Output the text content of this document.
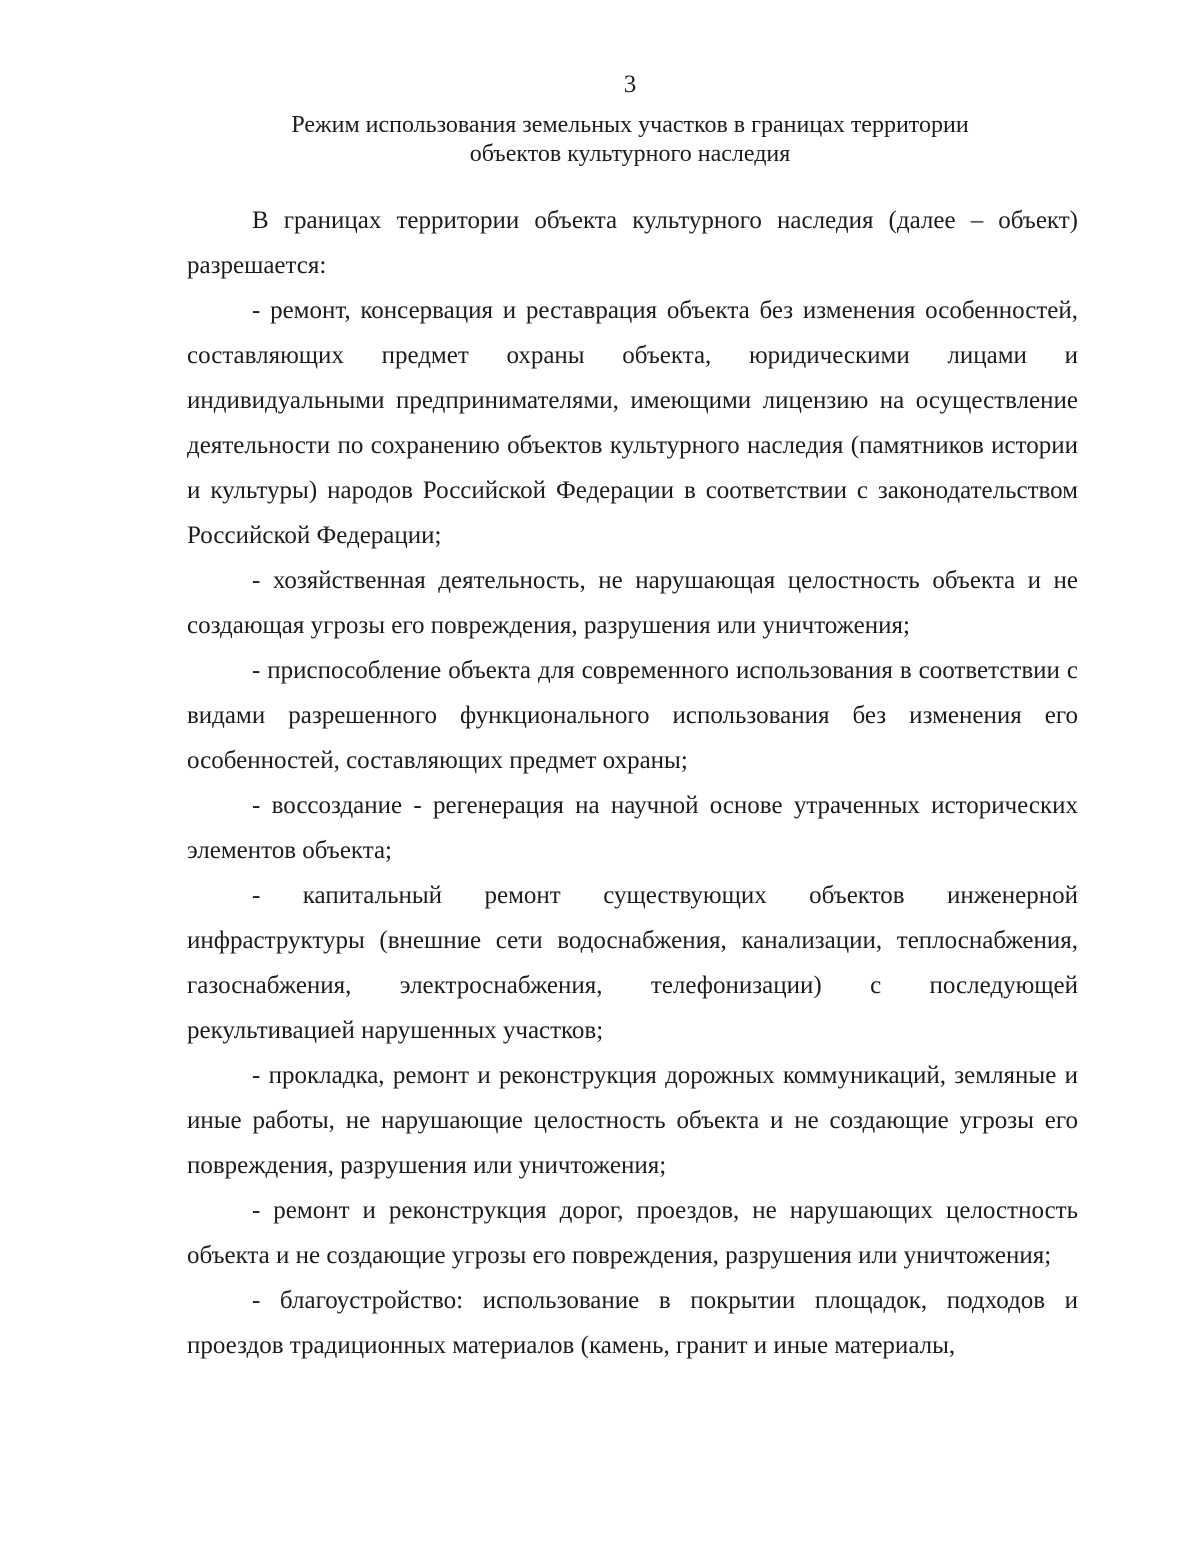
3
Режим использования земельных участков в границах территории
объектов культурного наследия

В границах территории объекта культурного наследия (далее – объект) разрешается:

- ремонт, консервация и реставрация объекта без изменения особенностей, составляющих предмет охраны объекта, юридическими лицами и индивидуальными предпринимателями, имеющими лицензию на осуществление деятельности по сохранению объектов культурного наследия (памятников истории и культуры) народов Российской Федерации в соответствии с законодательством Российской Федерации;

- хозяйственная деятельность, не нарушающая целостность объекта и не создающая угрозы его повреждения, разрушения или уничтожения;

- приспособление объекта для современного использования в соответствии с видами разрешенного функционального использования без изменения его особенностей, составляющих предмет охраны;

- воссоздание - регенерация на научной основе утраченных исторических элементов объекта;

- капитальный ремонт существующих объектов инженерной инфраструктуры (внешние сети водоснабжения, канализации, теплоснабжения, газоснабжения, электроснабжения, телефонизации) с последующей рекультивацией нарушенных участков;

- прокладка, ремонт и реконструкция дорожных коммуникаций, земляные и иные работы, не нарушающие целостность объекта и не создающие угрозы его повреждения, разрушения или уничтожения;

- ремонт и реконструкция дорог, проездов, не нарушающих целостность объекта и не создающие угрозы его повреждения, разрушения или уничтожения;

- благоустройство: использование в покрытии площадок, подходов и проездов традиционных материалов (камень, гранит и иные материалы,
